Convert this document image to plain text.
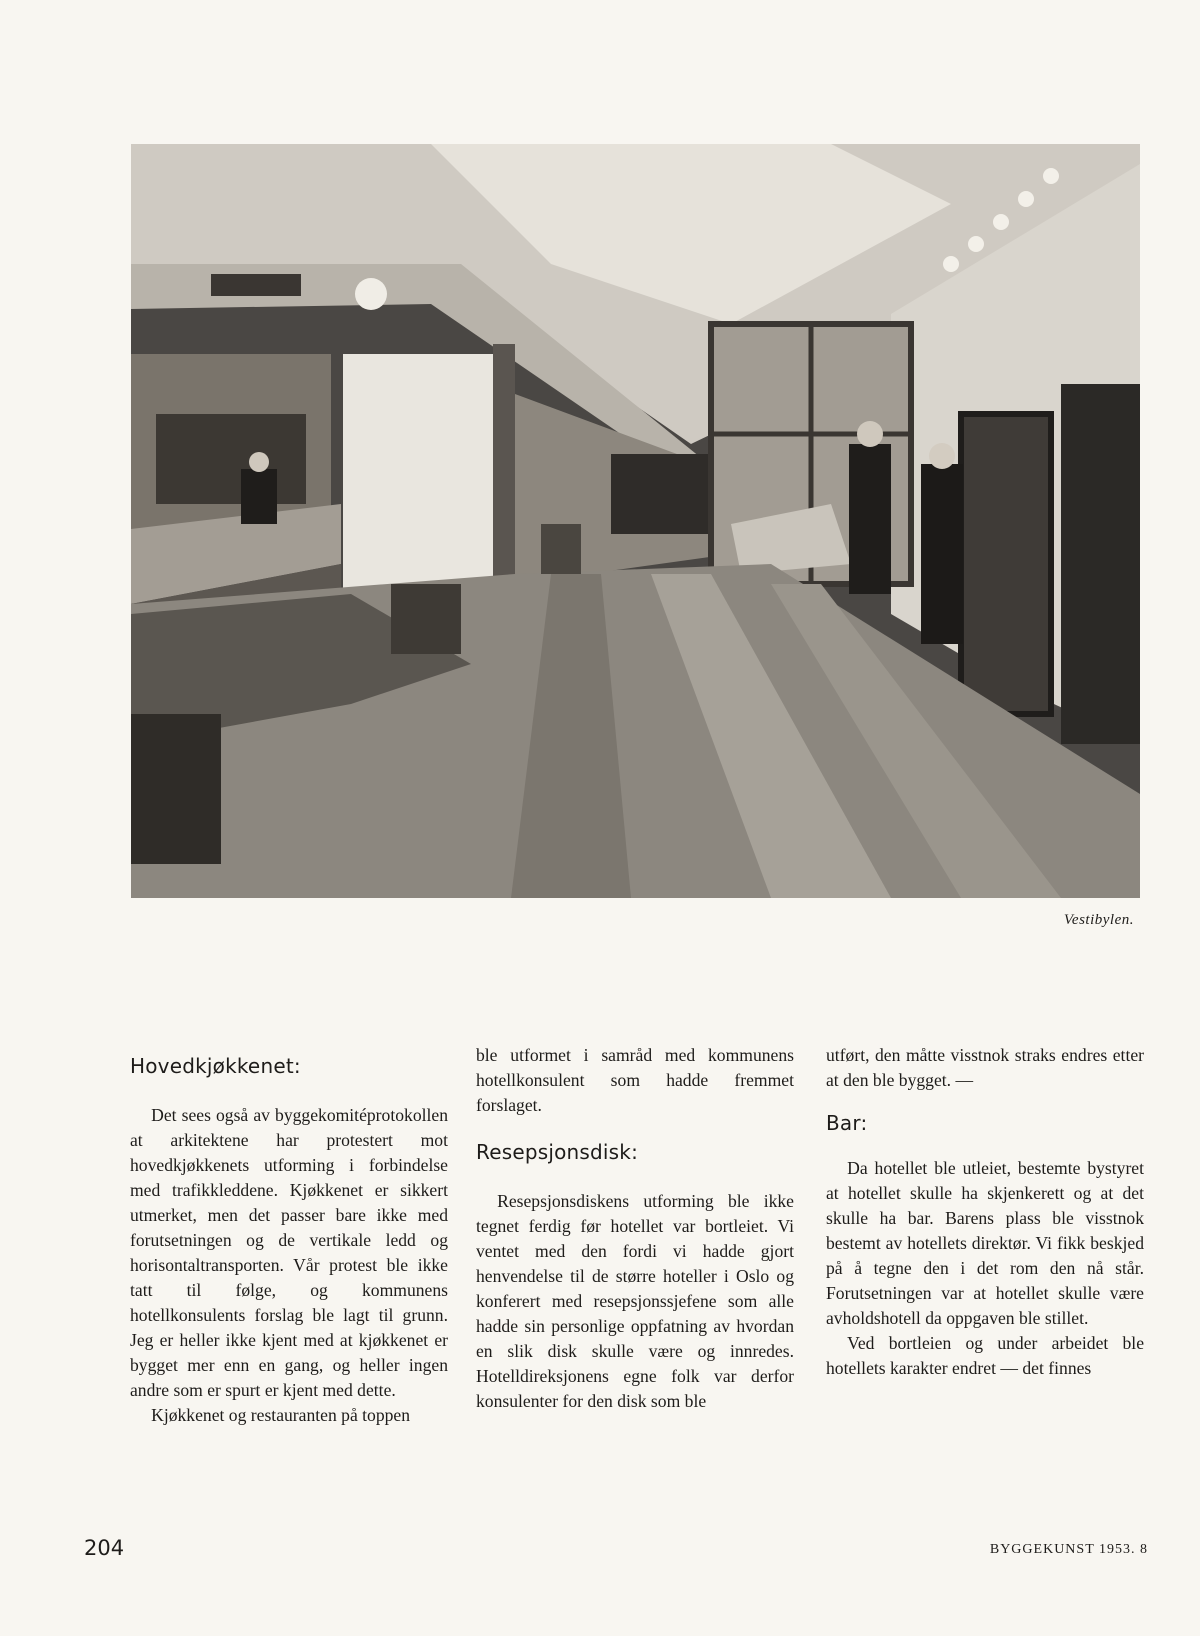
Vestibylen.
Hovedkjøkkenet:

Det sees også av byggekomitéprotokollen at arkitektene har protestert mot hovedkjøkkenets utforming i forbindelse med trafikkleddene. Kjøkkenet er sikkert utmerket, men det passer bare ikke med forutsetningen og de vertikale ledd og horisontaltransporten. Vår protest ble ikke tatt til følge, og kommunens hotellkonsulents forslag ble lagt til grunn. Jeg er heller ikke kjent med at kjøkkenet er bygget mer enn en gang, og heller ingen andre som er spurt er kjent med dette.

Kjøkkenet og restauranten på toppen

ble utformet i samråd med kommunens hotellkonsulent som hadde fremmet forslaget.

Resepsjonsdisk:

Resepsjonsdiskens utforming ble ikke tegnet ferdig før hotellet var bortleiet. Vi ventet med den fordi vi hadde gjort henvendelse til de større hoteller i Oslo og konferert med resepsjonssjefene som alle hadde sin personlige oppfatning av hvordan en slik disk skulle være og innredes. Hotelldireksjonens egne folk var derfor konsulenter for den disk som ble

utført, den måtte visstnok straks endres etter at den ble bygget. —

Bar:

Da hotellet ble utleiet, bestemte bystyret at hotellet skulle ha skjenkerett og at det skulle ha bar. Barens plass ble visstnok bestemt av hotellets direktør. Vi fikk beskjed på å tegne den i det rom den nå står. Forutsetningen var at hotellet skulle være avholdshotell da oppgaven ble stillet.

Ved bortleien og under arbeidet ble hotellets karakter endret — det finnes

204	BYGGEKUNST 1953. 8
